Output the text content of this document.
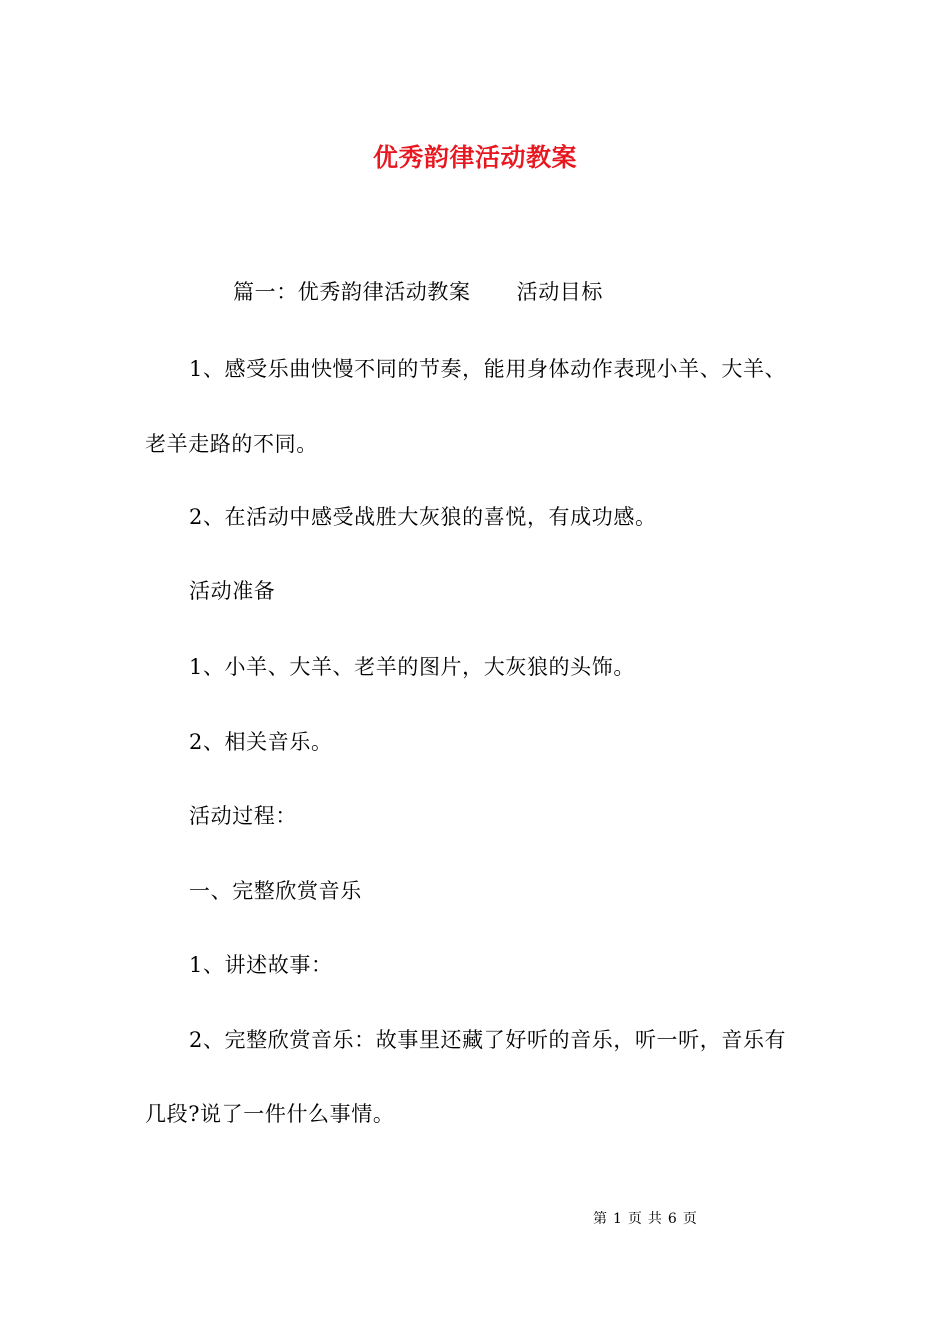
优秀韵律活动教案
篇一：优秀韵律活动教案 活动目标
1、感受乐曲快慢不同的节奏，能用身体动作表现小羊、大羊、
老羊走路的不同。
2、在活动中感受战胜大灰狼的喜悦，有成功感。
活动准备
1、小羊、大羊、老羊的图片，大灰狼的头饰。
2、相关音乐。
活动过程：
一、完整欣赏音乐
1、讲述故事：
2、完整欣赏音乐：故事里还藏了好听的音乐，听一听，音乐有
几段?说了一件什么事情。
第 1 页 共 6 页
